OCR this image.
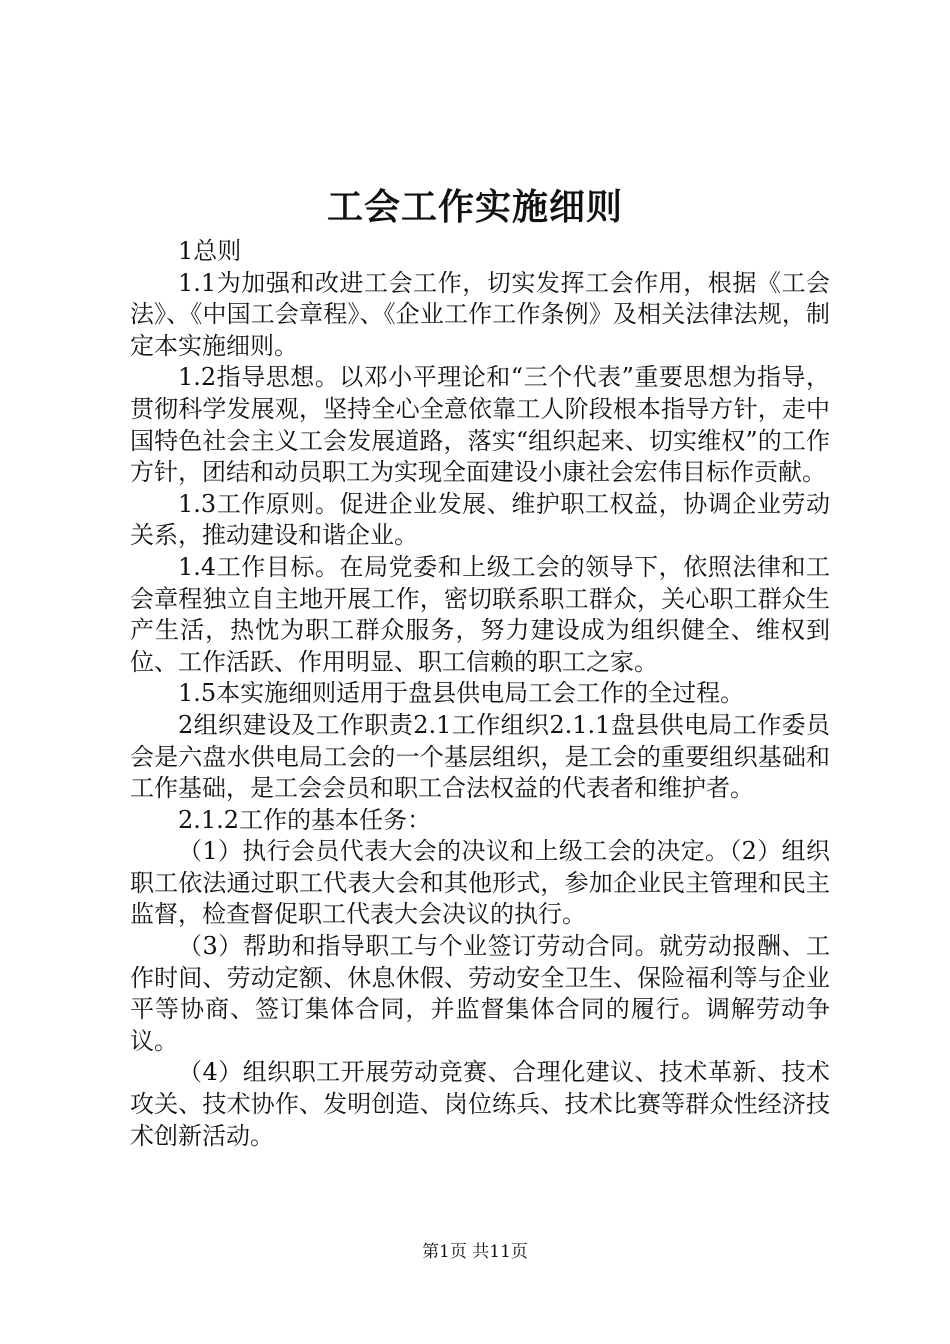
工会工作实施细则

1总则

1.1为加强和改进工会工作，切实发挥工会作用，根据《工会法》、《中国工会章程》、《企业工作工作条例》及相关法律法规，制定本实施细则。

1.2指导思想。以邓小平理论和“三个代表”重要思想为指导，贯彻科学发展观，坚持全心全意依靠工人阶段根本指导方针，走中国特色社会主义工会发展道路，落实“组织起来、切实维权”的工作方针，团结和动员职工为实现全面建设小康社会宏伟目标作贡献。

1.3工作原则。促进企业发展、维护职工权益，协调企业劳动关系，推动建设和谐企业。

1.4工作目标。在局党委和上级工会的领导下，依照法律和工会章程独立自主地开展工作，密切联系职工群众，关心职工群众生产生活，热忱为职工群众服务，努力建设成为组织健全、维权到位、工作活跃、作用明显、职工信赖的职工之家。

1.5本实施细则适用于盘县供电局工会工作的全过程。

2组织建设及工作职责2.1工作组织2.1.1盘县供电局工作委员会是六盘水供电局工会的一个基层组织，是工会的重要组织基础和工作基础，是工会会员和职工合法权益的代表者和维护者。

2.1.2工作的基本任务：

（1）执行会员代表大会的决议和上级工会的决定。（2）组织职工依法通过职工代表大会和其他形式，参加企业民主管理和民主监督，检查督促职工代表大会决议的执行。

（3）帮助和指导职工与个业签订劳动合同。就劳动报酬、工作时间、劳动定额、休息休假、劳动安全卫生、保险福利等与企业平等协商、签订集体合同，并监督集体合同的履行。调解劳动争议。

（4）组织职工开展劳动竞赛、合理化建议、技术革新、技术攻关、技术协作、发明创造、岗位练兵、技术比赛等群众性经济技术创新活动。

第1页 共11页
